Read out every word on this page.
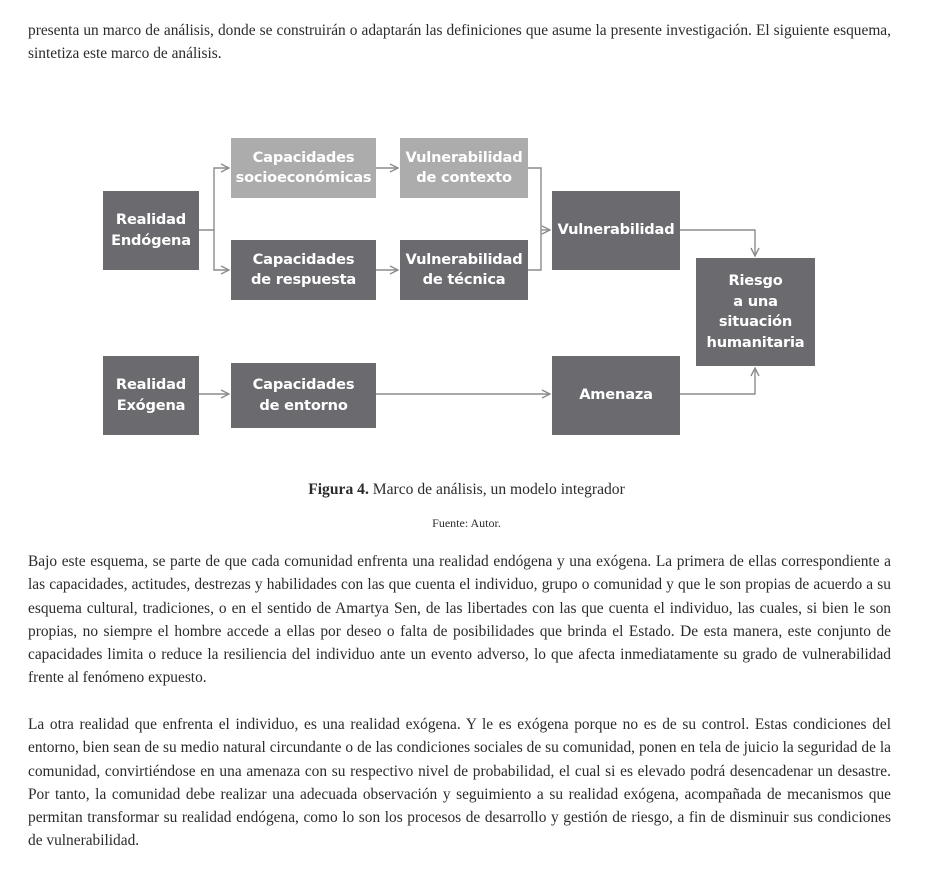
presenta un marco de análisis, donde se construirán o adaptarán las definiciones que asume la presente investigación. El siguiente esquema, sintetiza este marco de análisis.

Realidad
Endógena
Capacidades
socioeconómicas
Vulnerabilidad
de contexto
Capacidades
de respuesta
Vulnerabilidad
de técnica
Vulnerabilidad
Riesgo
a una
situación
humanitaria
Realidad
Exógena
Capacidades
de entorno
Amenaza
Figura 4. Marco de análisis, un modelo integrador
Fuente: Autor.

Bajo este esquema, se parte de que cada comunidad enfrenta una realidad endógena y una exógena. La primera de ellas correspondiente a las capacidades, actitudes, destrezas y habilidades con las que cuenta el individuo, grupo o comunidad y que le son propias de acuerdo a su esquema cultural, tradiciones, o en el sentido de Amartya Sen, de las libertades con las que cuenta el individuo, las cuales, si bien le son propias, no siempre el hombre accede a ellas por deseo o falta de posibilidades que brinda el Estado. De esta manera, este conjunto de capacidades limita o reduce la resiliencia del individuo ante un evento adverso, lo que afecta inmediatamente su grado de vulnerabilidad frente al fenómeno expuesto.

La otra realidad que enfrenta el individuo, es una realidad exógena. Y le es exógena porque no es de su control. Estas condiciones del entorno, bien sean de su medio natural circundante o de las condiciones sociales de su comunidad, ponen en tela de juicio la seguridad de la comunidad, convirtiéndose en una amenaza con su respectivo nivel de probabilidad, el cual si es elevado podrá desencadenar un desastre. Por tanto, la comunidad debe realizar una adecuada observación y seguimiento a su realidad exógena, acompañada de mecanismos que permitan transformar su realidad endógena, como lo son los procesos de desarrollo y gestión de riesgo, a fin de disminuir sus condiciones de vulnerabilidad.
